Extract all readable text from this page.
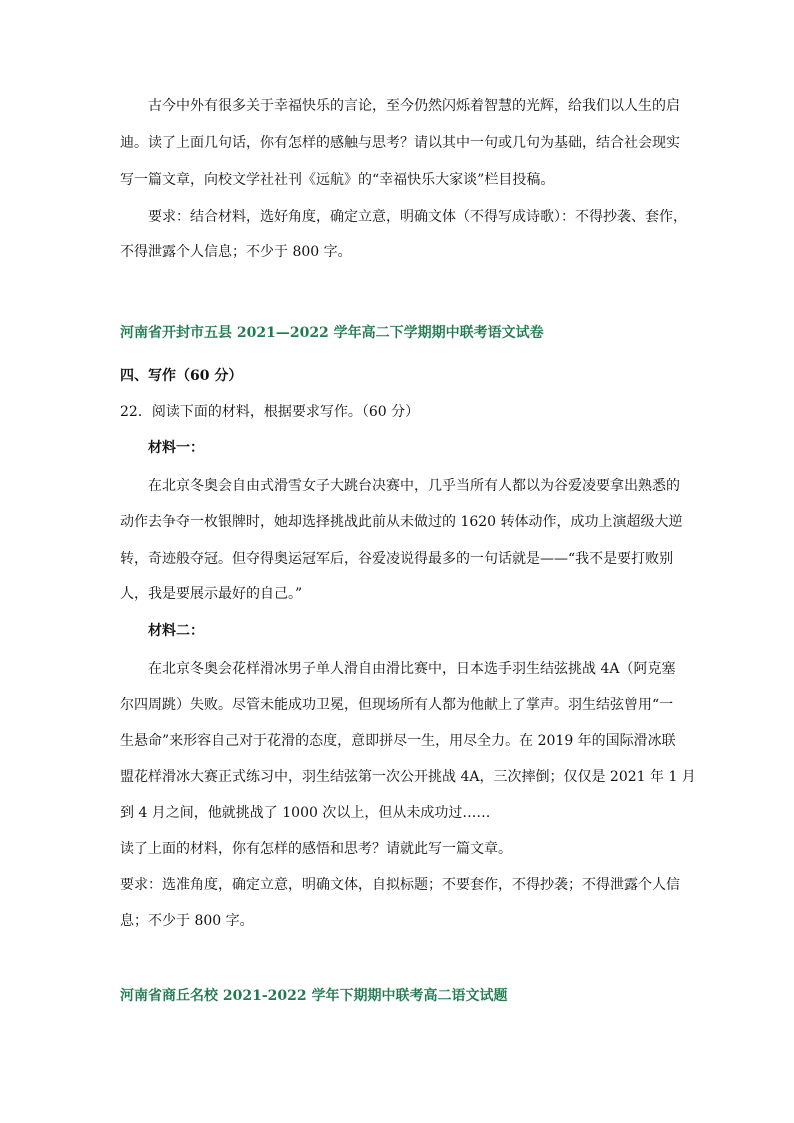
古今中外有很多关于幸福快乐的言论，至今仍然闪烁着智慧的光辉，给我们以人生的启
迪。读了上面几句话，你有怎样的感触与思考？请以其中一句或几句为基础，结合社会现实
写一篇文章，向校文学社社刊《远航》的“幸福快乐大家谈”栏目投稿。
要求：结合材料，选好角度，确定立意，明确文体（不得写成诗歌）：不得抄袭、套作，
不得泄露个人信息；不少于 800 字。
河南省开封市五县 2021—2022 学年高二下学期期中联考语文试卷
四、写作（60 分）
22．阅读下面的材料，根据要求写作。（60 分）
材料一：
在北京冬奥会自由式滑雪女子大跳台决赛中，几乎当所有人都以为谷爱凌要拿出熟悉的
动作去争夺一枚银牌时，她却选择挑战此前从未做过的 1620 转体动作，成功上演超级大逆
转，奇迹般夺冠。但夺得奥运冠军后，谷爱凌说得最多的一句话就是——“我不是要打败别
人，我是要展示最好的自己。”
材料二：
在北京冬奥会花样滑冰男子单人滑自由滑比赛中，日本选手羽生结弦挑战 4A（阿克塞
尔四周跳）失败。尽管未能成功卫冕，但现场所有人都为他献上了掌声。羽生结弦曾用“一
生悬命”来形容自己对于花滑的态度，意即拼尽一生，用尽全力。在 2019 年的国际滑冰联
盟花样滑冰大赛正式练习中，羽生结弦第一次公开挑战 4A，三次摔倒；仅仅是 2021 年 1 月
到 4 月之间，他就挑战了 1000 次以上，但从未成功过……
读了上面的材料，你有怎样的感悟和思考？请就此写一篇文章。
要求：选准角度，确定立意，明确文体，自拟标题；不要套作，不得抄袭；不得泄露个人信
息；不少于 800 字。
河南省商丘名校 2021-2022 学年下期期中联考高二语文试题
